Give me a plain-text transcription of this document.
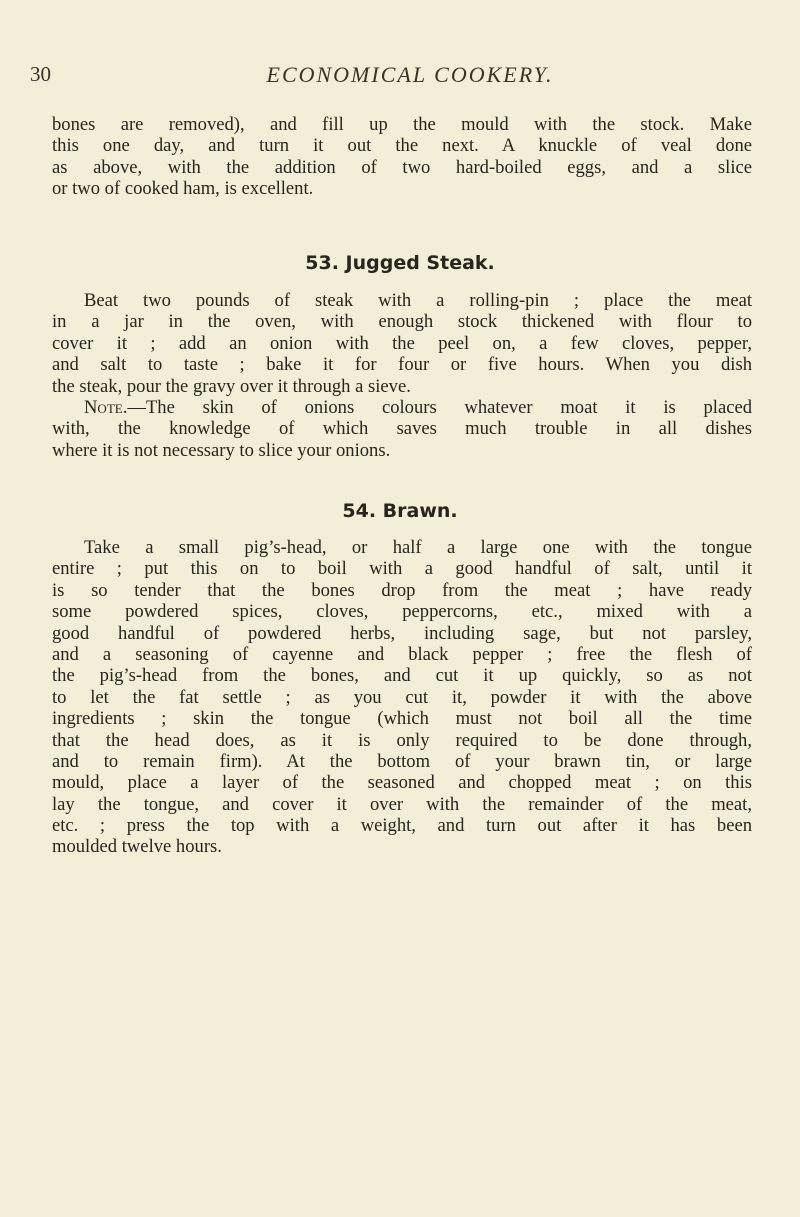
30	ECONOMICAL COOKERY.
bones are removed), and fill up the mould with the stock. Make
this one day, and turn it out the next. A knuckle of veal done
as above, with the addition of two hard-boiled eggs, and a slice
or two of cooked ham, is excellent.
53. Jugged Steak.
Beat two pounds of steak with a rolling-pin ; place the meat
in a jar in the oven, with enough stock thickened with flour to
cover it ; add an onion with the peel on, a few cloves, pepper,
and salt to taste ; bake it for four or five hours. When you dish
the steak, pour the gravy over it through a sieve.
Note.—The skin of onions colours whatever moat it is placed
with, the knowledge of which saves much trouble in all dishes
where it is not necessary to slice your onions.
54. Brawn.
Take a small pig’s-head, or half a large one with the tongue
entire ; put this on to boil with a good handful of salt, until it
is so tender that the bones drop from the meat ; have ready
some powdered spices, cloves, peppercorns, etc., mixed with a
good handful of powdered herbs, including sage, but not parsley,
and a seasoning of cayenne and black pepper ; free the flesh of
the pig’s-head from the bones, and cut it up quickly, so as not
to let the fat settle ; as you cut it, powder it with the above
ingredients ; skin the tongue (which must not boil all the time
that the head does, as it is only required to be done through,
and to remain firm). At the bottom of your brawn tin, or large
mould, place a layer of the seasoned and chopped meat ; on this
lay the tongue, and cover it over with the remainder of the meat,
etc. ; press the top with a weight, and turn out after it has been
moulded twelve hours.
